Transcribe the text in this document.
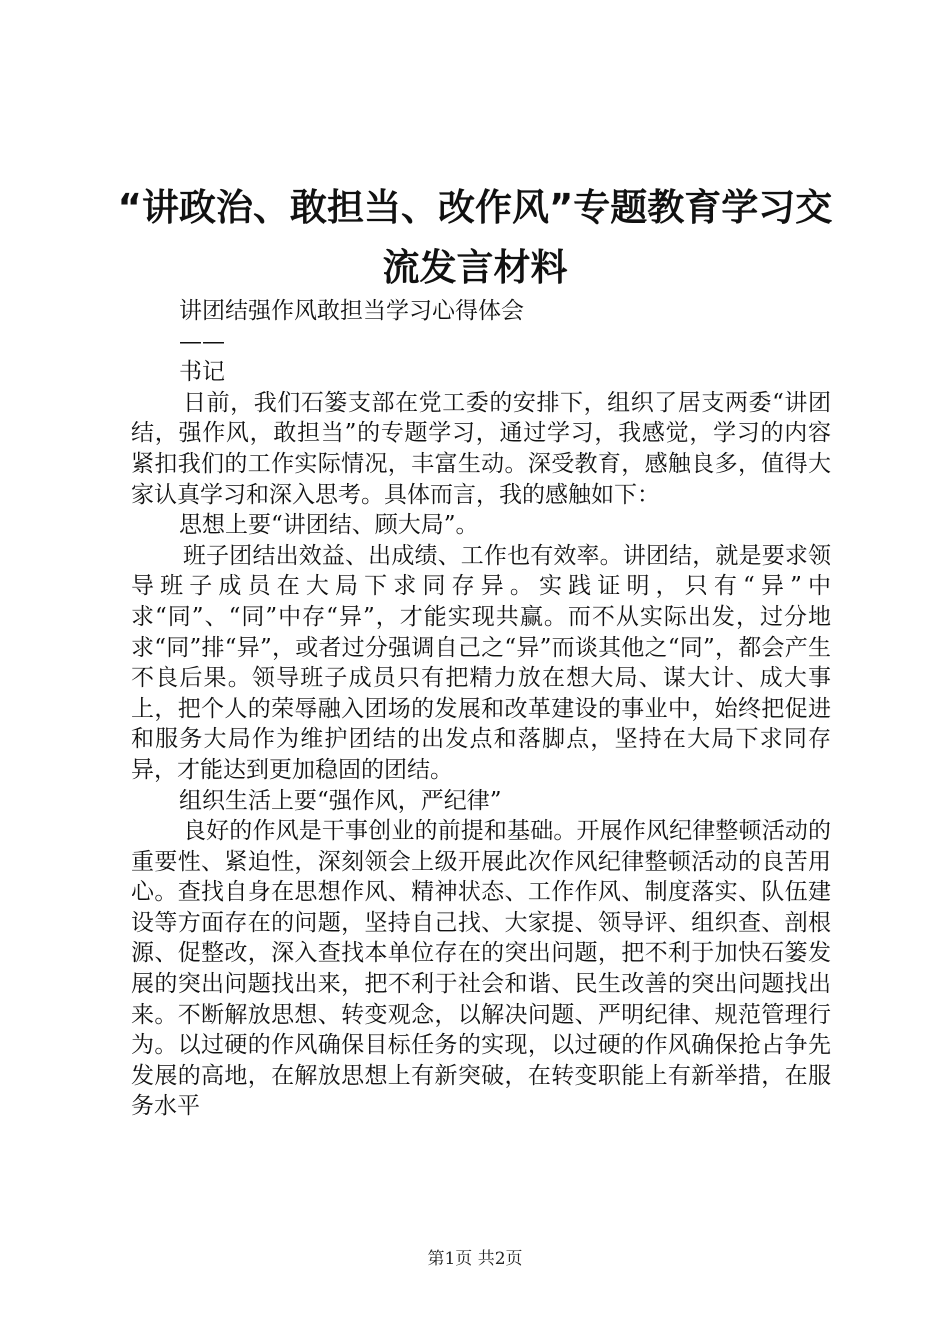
“讲政治、敢担当、改作风”专题教育学习交
流发言材料

讲团结强作风敢担当学习心得体会

——

书记

日前，我们石篓支部在党工委的安排下，组织了居支两委“讲团结，强作风，敢担当”的专题学习，通过学习，我感觉，学习的内容紧扣我们的工作实际情况，丰富生动。深受教育，感触良多，值得大家认真学习和深入思考。具体而言，我的感触如下：

思想上要“讲团结、顾大局”。

班子团结出效益、出成绩、工作也有效率。讲团结，就是要求领导班子成员在大局下求同存异。实践证明，只有“异”中求“同”、“同”中存“异”，才能实现共赢。而不从实际出发，过分地求“同”排“异”，或者过分强调自己之“异”而谈其他之“同”，都会产生不良后果。领导班子成员只有把精力放在想大局、谋大计、成大事上，把个人的荣辱融入团场的发展和改革建设的事业中，始终把促进和服务大局作为维护团结的出发点和落脚点，坚持在大局下求同存异，才能达到更加稳固的团结。

组织生活上要“强作风，严纪律”

良好的作风是干事创业的前提和基础。开展作风纪律整顿活动的重要性、紧迫性，深刻领会上级开展此次作风纪律整顿活动的良苦用心。查找自身在思想作风、精神状态、工作作风、制度落实、队伍建设等方面存在的问题，坚持自己找、大家提、领导评、组织查、剖根源、促整改，深入查找本单位存在的突出问题，把不利于加快石篓发展的突出问题找出来，把不利于社会和谐、民生改善的突出问题找出来。不断解放思想、转变观念，以解决问题、严明纪律、规范管理行为。以过硬的作风确保目标任务的实现，以过硬的作风确保抢占争先发展的高地，在解放思想上有新突破，在转变职能上有新举措，在服务水平

第1页 共2页
